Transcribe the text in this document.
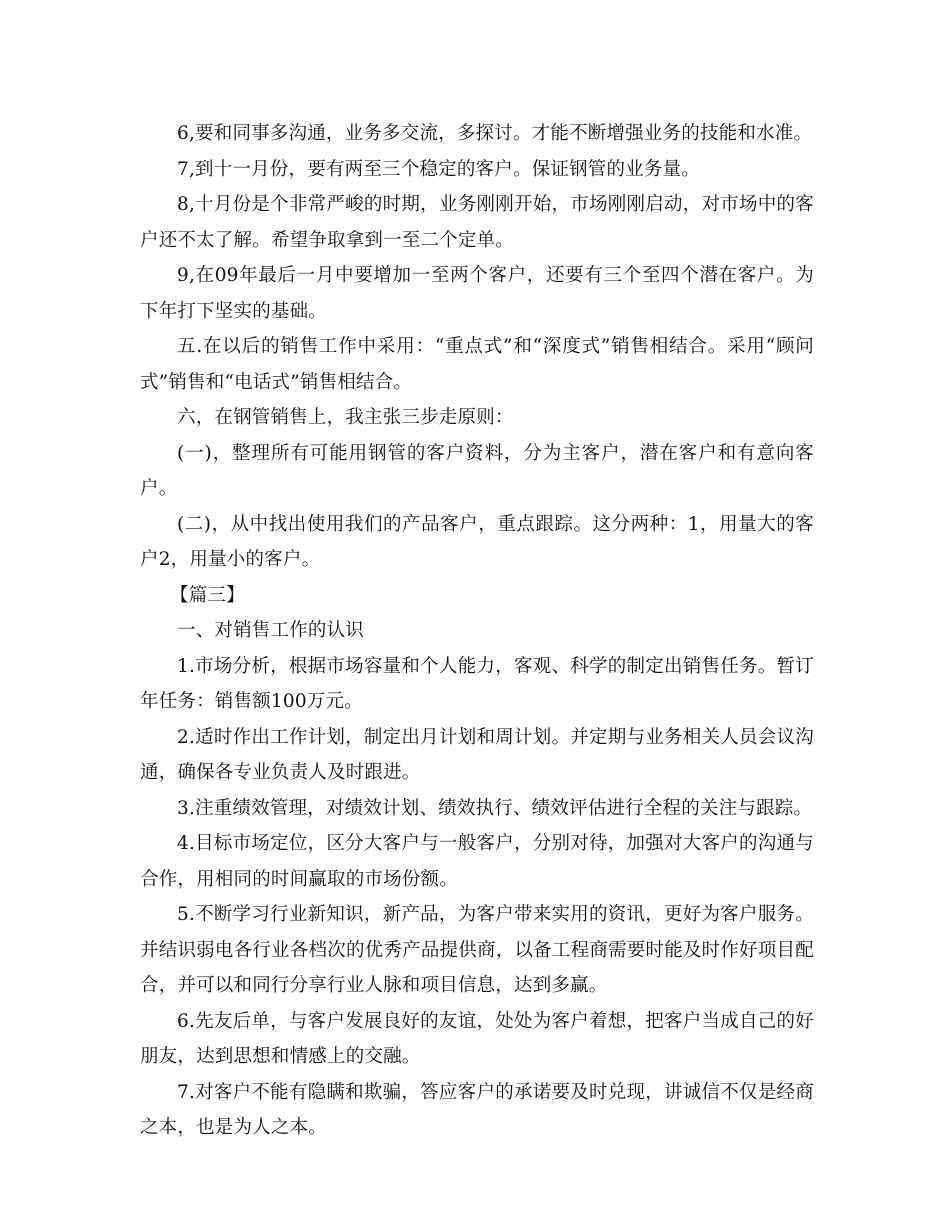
6,要和同事多沟通，业务多交流，多探讨。才能不断增强业务的技能和水准。

7,到十一月份，要有两至三个稳定的客户。保证钢管的业务量。

8,十月份是个非常严峻的时期，业务刚刚开始，市场刚刚启动，对市场中的客户还不太了解。希望争取拿到一至二个定单。

9,在09年最后一月中要增加一至两个客户，还要有三个至四个潜在客户。为下年打下坚实的基础。

五.在以后的销售工作中采用：“重点式”和“深度式”销售相结合。采用“顾问式”销售和“电话式”销售相结合。

六，在钢管销售上，我主张三步走原则：

(一)，整理所有可能用钢管的客户资料，分为主客户，潜在客户和有意向客户。

(二)，从中找出使用我们的产品客户，重点跟踪。这分两种：1，用量大的客户2，用量小的客户。

【篇三】

一、对销售工作的认识

1.市场分析，根据市场容量和个人能力，客观、科学的制定出销售任务。暂订年任务：销售额100万元。

2.适时作出工作计划，制定出月计划和周计划。并定期与业务相关人员会议沟通，确保各专业负责人及时跟进。

3.注重绩效管理，对绩效计划、绩效执行、绩效评估进行全程的关注与跟踪。

4.目标市场定位，区分大客户与一般客户，分别对待，加强对大客户的沟通与合作，用相同的时间赢取的市场份额。

5.不断学习行业新知识，新产品，为客户带来实用的资讯，更好为客户服务。并结识弱电各行业各档次的优秀产品提供商，以备工程商需要时能及时作好项目配合，并可以和同行分享行业人脉和项目信息，达到多赢。

6.先友后单，与客户发展良好的友谊，处处为客户着想，把客户当成自己的好朋友，达到思想和情感上的交融。

7.对客户不能有隐瞒和欺骗，答应客户的承诺要及时兑现，讲诚信不仅是经商之本，也是为人之本。
